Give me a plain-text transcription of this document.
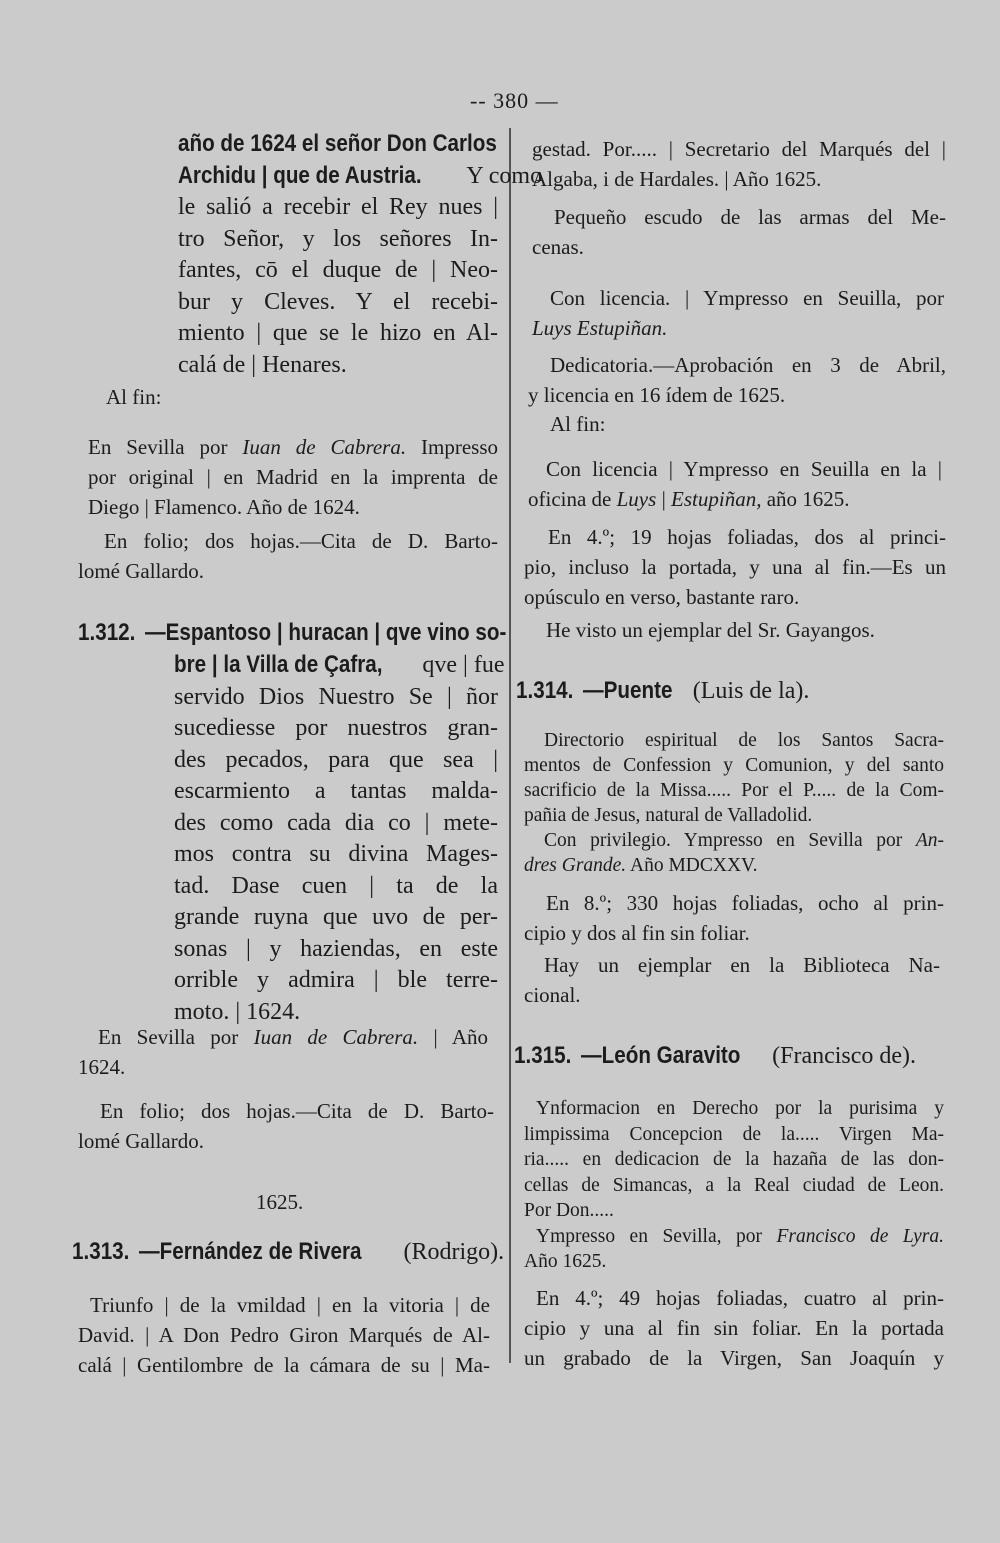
-- 380 —
año de 1624 el señor Don Carlos
Archidu | que de Austria. Y como
le salió a recebir el Rey nues |
tro Señor, y los señores In-
fantes, cō el duque de | Neo-
bur y Cleves. Y el recebi-
miento | que se le hizo en Al-
calá de | Henares.
Al fin:
En Sevilla por Iuan de Cabrera. Impresso
por original | en Madrid en la imprenta de
Diego | Flamenco. Año de 1624.
En folio; dos hojas.—Cita de D. Barto-
lomé Gallardo.
1.312. —Espantoso | huracan | qve vino so-
bre | la Villa de Çafra, qve | fue
servido Dios Nuestro Se | ñor
sucediesse por nuestros gran-
des pecados, para que sea |
escarmiento a tantas malda-
des como cada dia co | mete-
mos contra su divina Mages-
tad. Dase cuen | ta de la
grande ruyna que uvo de per-
sonas | y haziendas, en este
orrible y admira | ble terre-
moto. | 1624.
En Sevilla por Iuan de Cabrera. | Año
1624.
En folio; dos hojas.—Cita de D. Barto-
lomé Gallardo.
1625.
1.313. —Fernández de Rivera (Rodrigo).
Triunfo | de la vmildad | en la vitoria | de
David. | A Don Pedro Giron Marqués de Al-
calá | Gentilombre de la cámara de su | Ma-
gestad. Por..... | Secretario del Marqués del |
Algaba, i de Hardales. | Año 1625.
Pequeño escudo de las armas del Me-
cenas.
Con licencia. | Ympresso en Seuilla, por
Luys Estupiñan.
Dedicatoria.—Aprobación en 3 de Abril,
y licencia en 16 ídem de 1625.
Al fin:
Con licencia | Ympresso en Seuilla en la |
oficina de Luys | Estupiñan, año 1625.
En 4.º; 19 hojas foliadas, dos al princi-
pio, incluso la portada, y una al fin.—Es un
opúsculo en verso, bastante raro.
He visto un ejemplar del Sr. Gayangos.
1.314. —Puente (Luis de la).
Directorio espiritual de los Santos Sacra-
mentos de Confession y Comunion, y del santo
sacrificio de la Missa..... Por el P..... de la Com-
pañia de Jesus, natural de Valladolid.
Con privilegio. Ympresso en Sevilla por An-
dres Grande. Año MDCXXV.
En 8.º; 330 hojas foliadas, ocho al prin-
cipio y dos al fin sin foliar.
Hay un ejemplar en la Biblioteca Na-
cional.
1.315. —León Garavito (Francisco de).
Ynformacion en Derecho por la purisima y
limpissima Concepcion de la..... Virgen Ma-
ria..... en dedicacion de la hazaña de las don-
cellas de Simancas, a la Real ciudad de Leon.
Por Don.....
Ympresso en Sevilla, por Francisco de Lyra.
Año 1625.
En 4.º; 49 hojas foliadas, cuatro al prin-
cipio y una al fin sin foliar. En la portada
un grabado de la Virgen, San Joaquín y
